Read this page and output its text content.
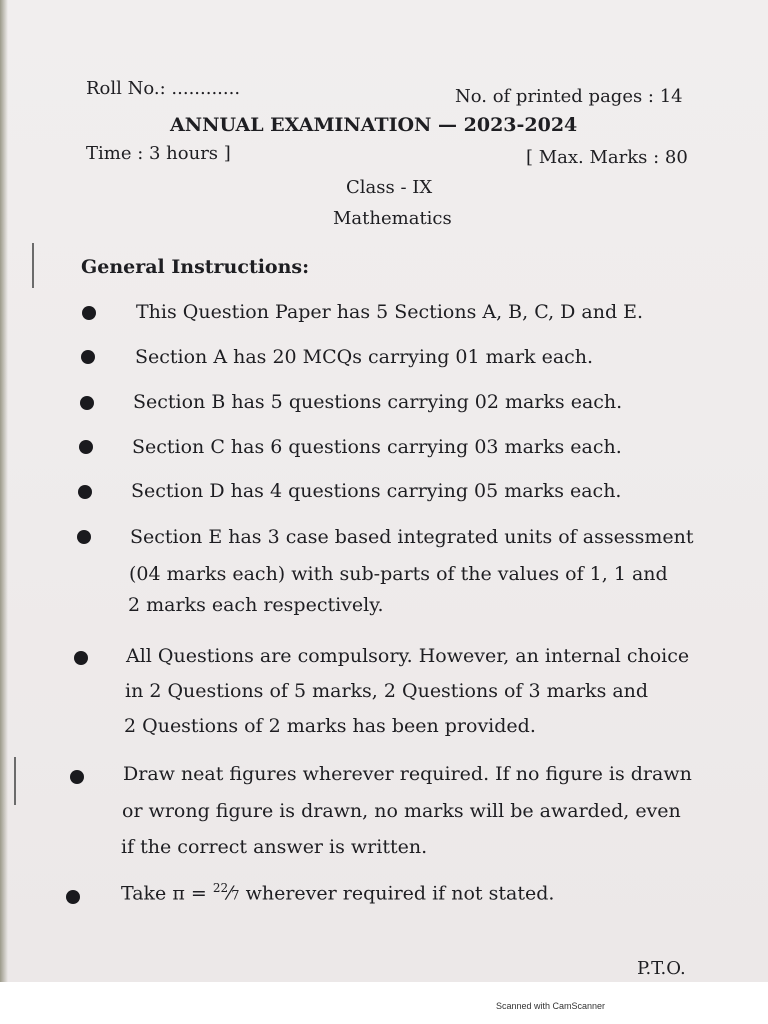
Roll No.: ............	No. of printed pages : 14
ANNUAL EXAMINATION — 2023-2024
Time : 3 hours ]	[ Max. Marks : 80
Class - IX
Mathematics
General Instructions:
This Question Paper has 5 Sections A, B, C, D and E.
Section A has 20 MCQs carrying 01 mark each.
Section B has 5 questions carrying 02 marks each.
Section C has 6 questions carrying 03 marks each.
Section D has 4 questions carrying 05 marks each.
Section E has 3 case based integrated units of assessment
(04 marks each) with sub-parts of the values of 1, 1 and
2 marks each respectively.
All Questions are compulsory. However, an internal choice
in 2 Questions of 5 marks, 2 Questions of 3 marks and
2 Questions of 2 marks has been provided.
Draw neat figures wherever required. If no figure is drawn
or wrong figure is drawn, no marks will be awarded, even
if the correct answer is written.
Take π = $^{22}$⁄7 wherever required if not stated.
P.T.O.
Scanned with CamScanner
